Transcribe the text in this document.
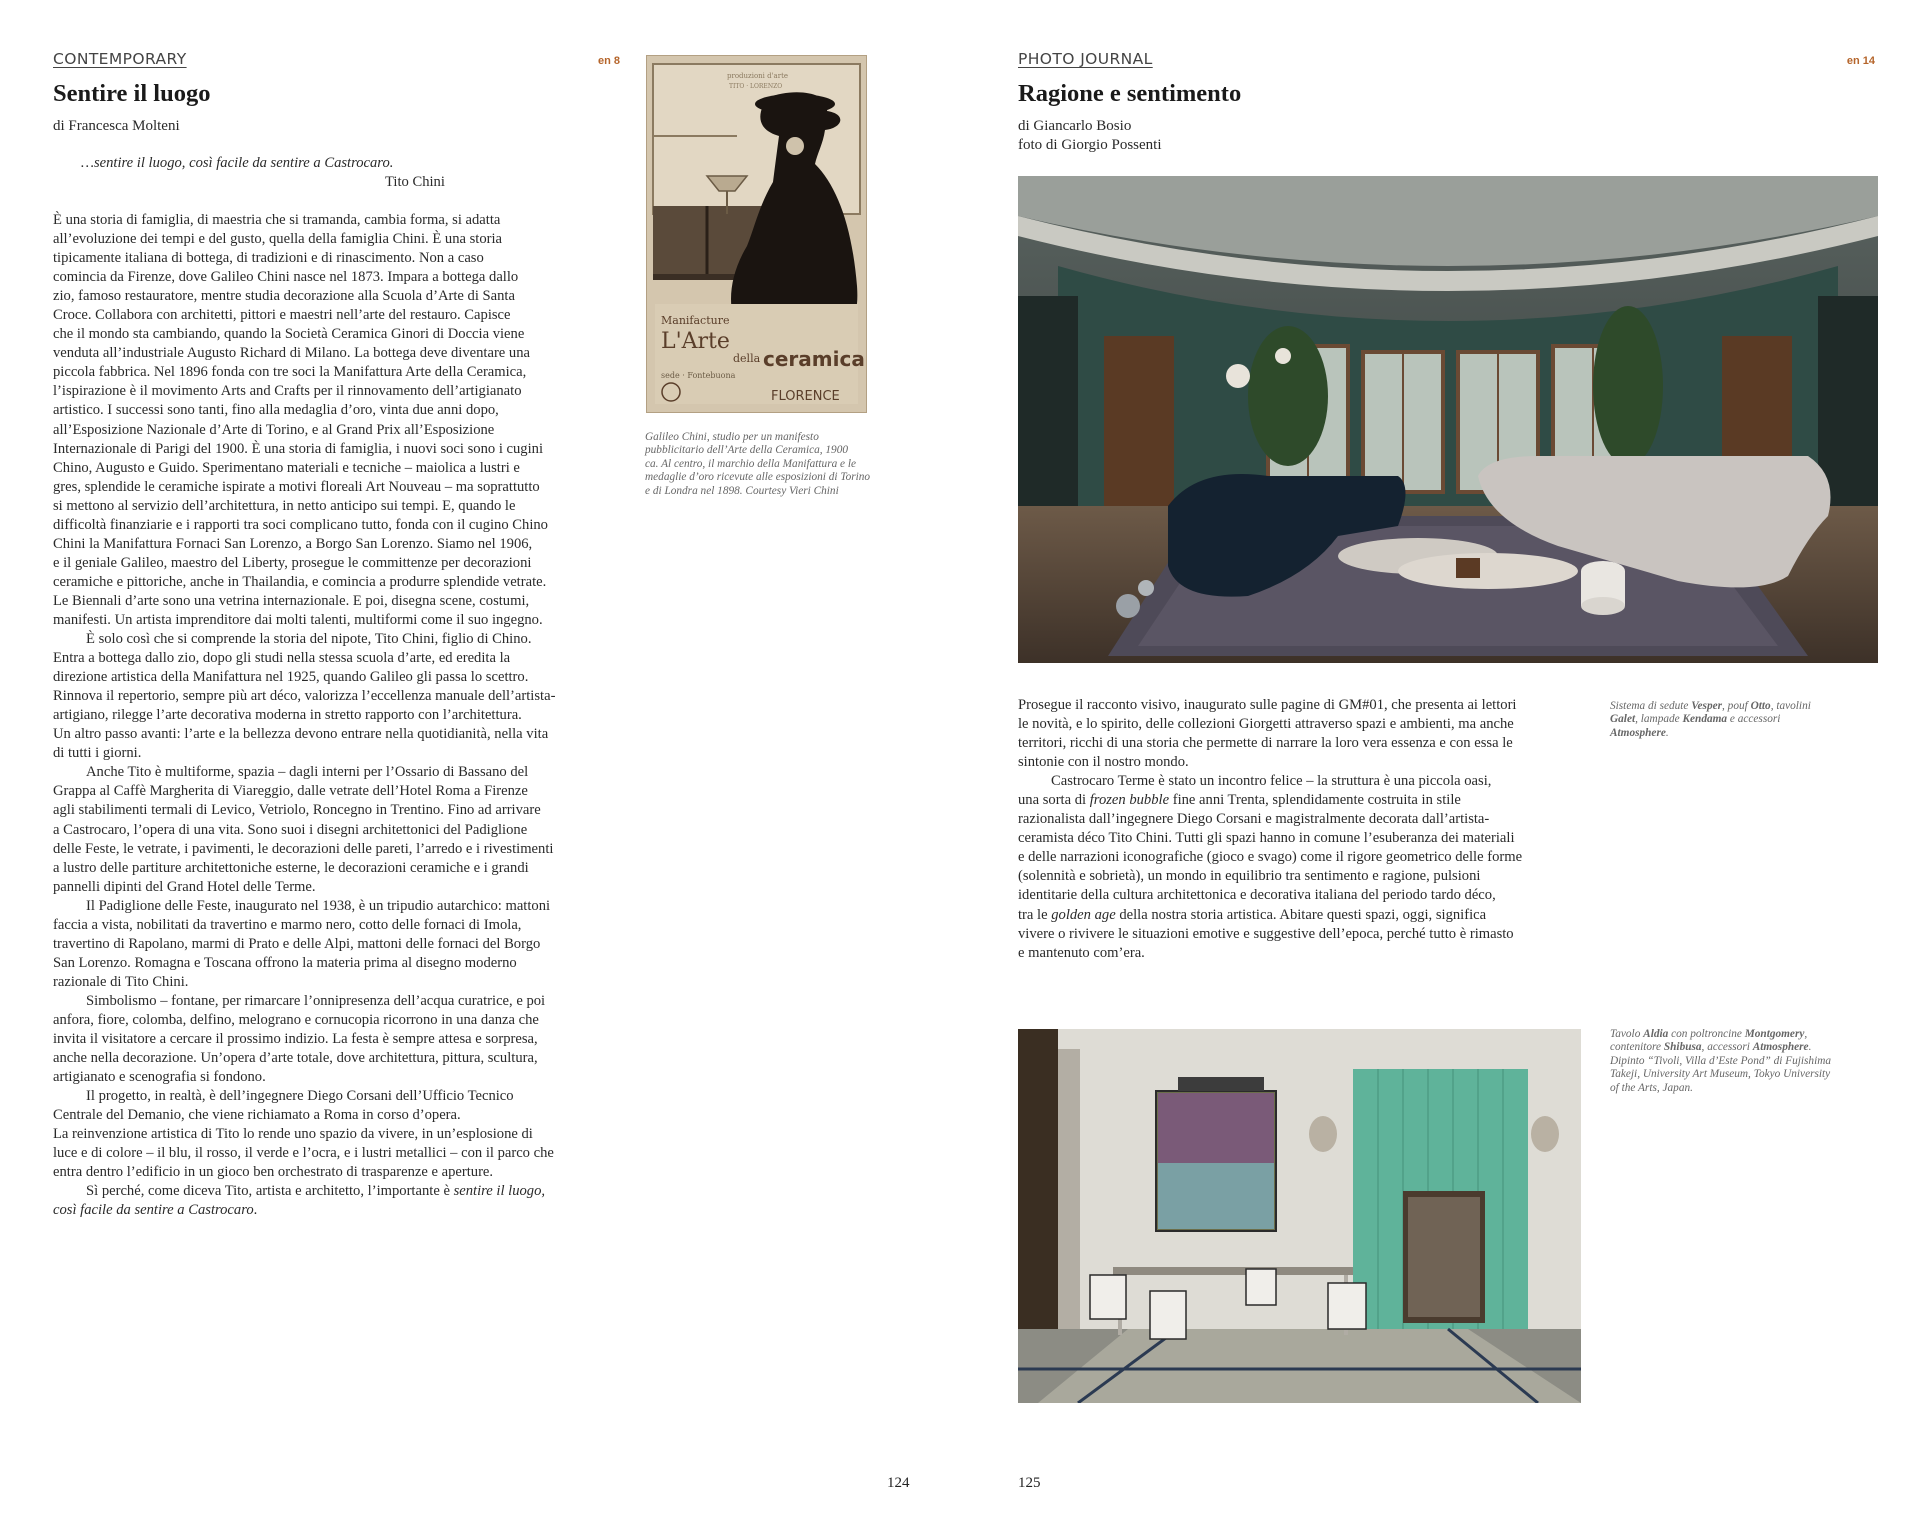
CONTEMPORARY	en 8
Sentire il luogo
di Francesca Molteni
…sentire il luogo, così facile da sentire a Castrocaro.
Tito Chini
È una storia di famiglia, di maestria che si tramanda, cambia forma, si adatta
all’evoluzione dei tempi e del gusto, quella della famiglia Chini. È una storia
tipicamente italiana di bottega, di tradizioni e di rinascimento. Non a caso
comincia da Firenze, dove Galileo Chini nasce nel 1873. Impara a bottega dallo
zio, famoso restauratore, mentre studia decorazione alla Scuola d’Arte di Santa
Croce. Collabora con architetti, pittori e maestri nell’arte del restauro. Capisce
che il mondo sta cambiando, quando la Società Ceramica Ginori di Doccia viene
venduta all’industriale Augusto Richard di Milano. La bottega deve diventare una
piccola fabbrica. Nel 1896 fonda con tre soci la Manifattura Arte della Ceramica,
l’ispirazione è il movimento Arts and Crafts per il rinnovamento dell’artigianato
artistico. I successi sono tanti, fino alla medaglia d’oro, vinta due anni dopo,
all’Esposizione Nazionale d’Arte di Torino, e al Grand Prix all’Esposizione
Internazionale di Parigi del 1900. È una storia di famiglia, i nuovi soci sono i cugini
Chino, Augusto e Guido. Sperimentano materiali e tecniche – maiolica a lustri e
gres, splendide le ceramiche ispirate a motivi floreali Art Nouveau – ma soprattutto
si mettono al servizio dell’architettura, in netto anticipo sui tempi. E, quando le
difficoltà finanziarie e i rapporti tra soci complicano tutto, fonda con il cugino Chino
Chini la Manifattura Fornaci San Lorenzo, a Borgo San Lorenzo. Siamo nel 1906,
e il geniale Galileo, maestro del Liberty, prosegue le committenze per decorazioni
ceramiche e pittoriche, anche in Thailandia, e comincia a produrre splendide vetrate.
Le Biennali d’arte sono una vetrina internazionale. E poi, disegna scene, costumi,
manifesti. Un artista imprenditore dai molti talenti, multiformi come il suo ingegno.
È solo così che si comprende la storia del nipote, Tito Chini, figlio di Chino.
Entra a bottega dallo zio, dopo gli studi nella stessa scuola d’arte, ed eredita la
direzione artistica della Manifattura nel 1925, quando Galileo gli passa lo scettro.
Rinnova il repertorio, sempre più art déco, valorizza l’eccellenza manuale dell’artista-
artigiano, rilegge l’arte decorativa moderna in stretto rapporto con l’architettura.
Un altro passo avanti: l’arte e la bellezza devono entrare nella quotidianità, nella vita
di tutti i giorni.
Anche Tito è multiforme, spazia – dagli interni per l’Ossario di Bassano del
Grappa al Caffè Margherita di Viareggio, dalle vetrate dell’Hotel Roma a Firenze
agli stabilimenti termali di Levico, Vetriolo, Roncegno in Trentino. Fino ad arrivare
a Castrocaro, l’opera di una vita. Sono suoi i disegni architettonici del Padiglione
delle Feste, le vetrate, i pavimenti, le decorazioni delle pareti, l’arredo e i rivestimenti
a lustro delle partiture architettoniche esterne, le decorazioni ceramiche e i grandi
pannelli dipinti del Grand Hotel delle Terme.
Il Padiglione delle Feste, inaugurato nel 1938, è un tripudio autarchico: mattoni
faccia a vista, nobilitati da travertino e marmo nero, cotto delle fornaci di Imola,
travertino di Rapolano, marmi di Prato e delle Alpi, mattoni delle fornaci del Borgo
San Lorenzo. Romagna e Toscana offrono la materia prima al disegno moderno
razionale di Tito Chini.
Simbolismo – fontane, per rimarcare l’onnipresenza dell’acqua curatrice, e poi
anfora, fiore, colomba, delfino, melograno e cornucopia ricorrono in una danza che
invita il visitatore a cercare il prossimo indizio. La festa è sempre attesa e sorpresa,
anche nella decorazione. Un’opera d’arte totale, dove architettura, pittura, scultura,
artigianato e scenografia si fondono.
Il progetto, in realtà, è dell’ingegnere Diego Corsani dell’Ufficio Tecnico
Centrale del Demanio, che viene richiamato a Roma in corso d’opera.
La reinvenzione artistica di Tito lo rende uno spazio da vivere, in un’esplosione di
luce e di colore – il blu, il rosso, il verde e l’ocra, e i lustri metallici – con il parco che
entra dentro l’edificio in un gioco ben orchestrato di trasparenze e aperture.
Sì perché, come diceva Tito, artista e architetto, l’importante è sentire il luogo,
così facile da sentire a Castrocaro.
Manifacture
L'Arte
della ceramica
sede · Fontebuona
FLORENCE
produzioni d'arte
TITO · LORENZO
Galileo Chini, studio per un manifesto
pubblicitario dell’Arte della Ceramica, 1900
ca. Al centro, il marchio della Manifattura e le
medaglie d’oro ricevute alle esposizioni di Torino
e di Londra nel 1898. Courtesy Vieri Chini
124
PHOTO JOURNAL	en 14
Ragione e sentimento
di Giancarlo Bosio
foto di Giorgio Possenti
Prosegue il racconto visivo, inaugurato sulle pagine di GM#01, che presenta ai lettori
le novità, e lo spirito, delle collezioni Giorgetti attraverso spazi e ambienti, ma anche
territori, ricchi di una storia che permette di narrare la loro vera essenza e con essa le
sintonie con il nostro mondo.
Castrocaro Terme è stato un incontro felice – la struttura è una piccola oasi,
una sorta di frozen bubble fine anni Trenta, splendidamente costruita in stile
razionalista dall’ingegnere Diego Corsani e magistralmente decorata dall’artista-
ceramista déco Tito Chini. Tutti gli spazi hanno in comune l’esuberanza dei materiali
e delle narrazioni iconografiche (gioco e svago) come il rigore geometrico delle forme
(solennità e sobrietà), un mondo in equilibrio tra sentimento e ragione, pulsioni
identitarie della cultura architettonica e decorativa italiana del periodo tardo déco,
tra le golden age della nostra storia artistica. Abitare questi spazi, oggi, significa
vivere o rivivere le situazioni emotive e suggestive dell’epoca, perché tutto è rimasto
e mantenuto com’era.
Sistema di sedute Vesper, pouf Otto, tavolini
Galet, lampade Kendama e accessori
Atmosphere.
Tavolo Aldia con poltroncine Montgomery,
contenitore Shibusa, accessori Atmosphere.
Dipinto “Tivoli, Villa d’Este Pond” di Fujishima
Takeji, University Art Museum, Tokyo University
of the Arts, Japan.
125
